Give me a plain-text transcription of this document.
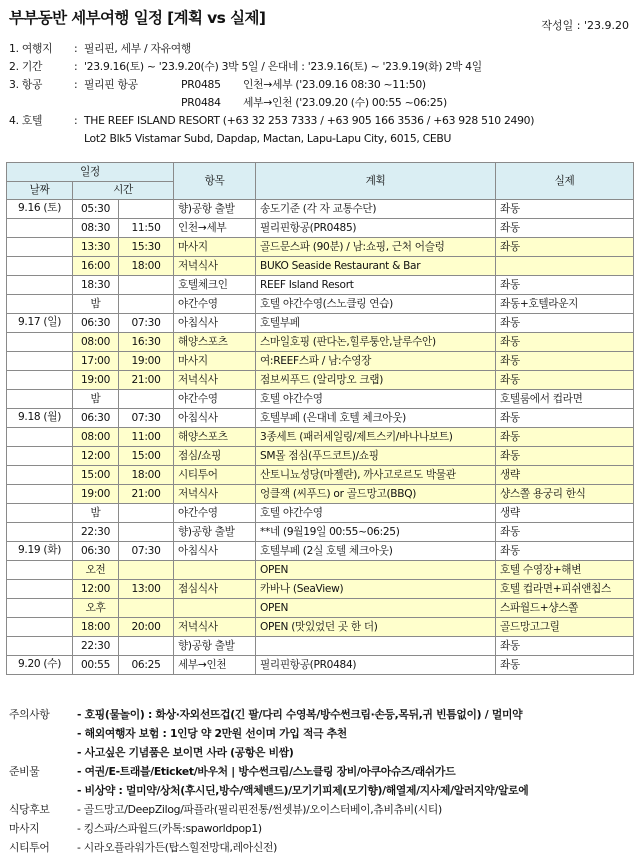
부부동반 세부여행 일정 [계획 vs 실제]	작성일 : '23.9.20
1. 여행지	: 필리핀, 세부 / 자유여행
2. 기간	: '23.9.16(토) ~ '23.9.20(수) 3박 5일 / 은대네 : '23.9.16(토) ~ '23.9.19(화) 2박 4일
3. 항공	: 필리핀 항공	PR0485	인천→세부 ('23.09.16 08:30 ~11:50)
PR0484	세부→인천 ('23.09.20 (수) 00:55 ~06:25)
4. 호텔	: THE REEF ISLAND RESORT (+63 32 253 7333 / +63 905 166 3536 / +63 928 510 2490)
Lot2 Blk5 Vistamar Subd, Dapdap, Mactan, Lapu-Lapu City, 6015, CEBU
일정			항목	계획	실제
날짜	시간				
9.16 (토)	05:30		향)공항 출발	송도기준 (각 자 교통수단)	좌동
	08:30	11:50	인천→세부	필리핀항공(PR0485)	좌동
	13:30	15:30	마사지	골드문스파 (90분) / 남:쇼핑, 근처 어슬렁	좌동
	16:00	18:00	저녁식사	BUKO Seaside Restaurant & Bar	
	18:30		호텔체크인	REEF Island Resort	좌동
	밤		야간수영	호텔 야간수영(스노클링 연습)	좌동+호텔라운지
9.17 (일)	06:30	07:30	아침식사	호텔부페	좌동
	08:00	16:30	해양스포츠	스마일호핑 (판다논,힐루퉁안,날루수안)	좌동
	17:00	19:00	마사지	여:REEF스파 / 남:수영장	좌동
	19:00	21:00	저녁식사	점보씨푸드 (알리망오 크랩)	좌동
	밤		야간수영	호텔 야간수영	호텔룸에서 컵라면
9.18 (월)	06:30	07:30	아침식사	호텔부페 (은대네 호텔 체크아웃)	좌동
	08:00	11:00	해양스포츠	3종세트 (패러세일링/제트스키/바나나보트)	좌동
	12:00	15:00	점심/쇼핑	SM몰 점심(푸드코트)/쇼핑	좌동
	15:00	18:00	시티투어	산토니뇨성당(마젤란), 까사고로르도 박물관	생략
	19:00	21:00	저녁식사	엉클잭 (씨푸드) or 골드망고(BBQ)	샹스쫄 용궁리 한식
	밤		야간수영	호텔 야간수영	생략
	22:30		향)공항 출발	**네 (9월19일 00:55~06:25)	좌동
9.19 (화)	06:30	07:30	아침식사	호텔부페 (2실 호텔 체크아웃)	좌동
	오전			OPEN	호텔 수영장+해변
	12:00	13:00	점심식사	카바나 (SeaView)	호텔 컵라면+피쉬앤칩스
	오후			OPEN	스파월드+샹스쫄
	18:00	20:00	저녁식사	OPEN (맛있었던 곳 한 더)	골드망고그릴
	22:30		향)공항 출발		좌동
9.20 (수)	00:55	06:25	세부→인천	필리핀항공(PR0484)	좌동
주의사항	- 호핑(물놀이) : 화상·자외선뜨겁(긴 팔/다리 수영복/방수썬크림·손등,목뒤,귀 빈틈없이) / 멀미약
- 해외여행자 보험 : 1인당 약 2만원 선이며 가입 적극 추천
- 사고싶은 기념품은 보이면 사라 (공항은 비쌈)
준비물	- 여권/E-트래블/Eticket/바우처 | 방수썬크림/스노클링 장비/아쿠아슈즈/래쉬가드
- 비상약 : 멀미약/상처(후시딘,방수/액체밴드)/모기기피제(모기향)/해열제/지사제/알러지약/알로에
식당후보	- 골드망고/DeepZilog/파플라(필리핀전통/썬셋뷰)/오이스터베이,츄비츄비(시티)
마사지	- 킹스파/스파월드(카톡:spaworldpop1)
시티투어	- 시라오플라워가든(탑스힐전망대,레아신전)
